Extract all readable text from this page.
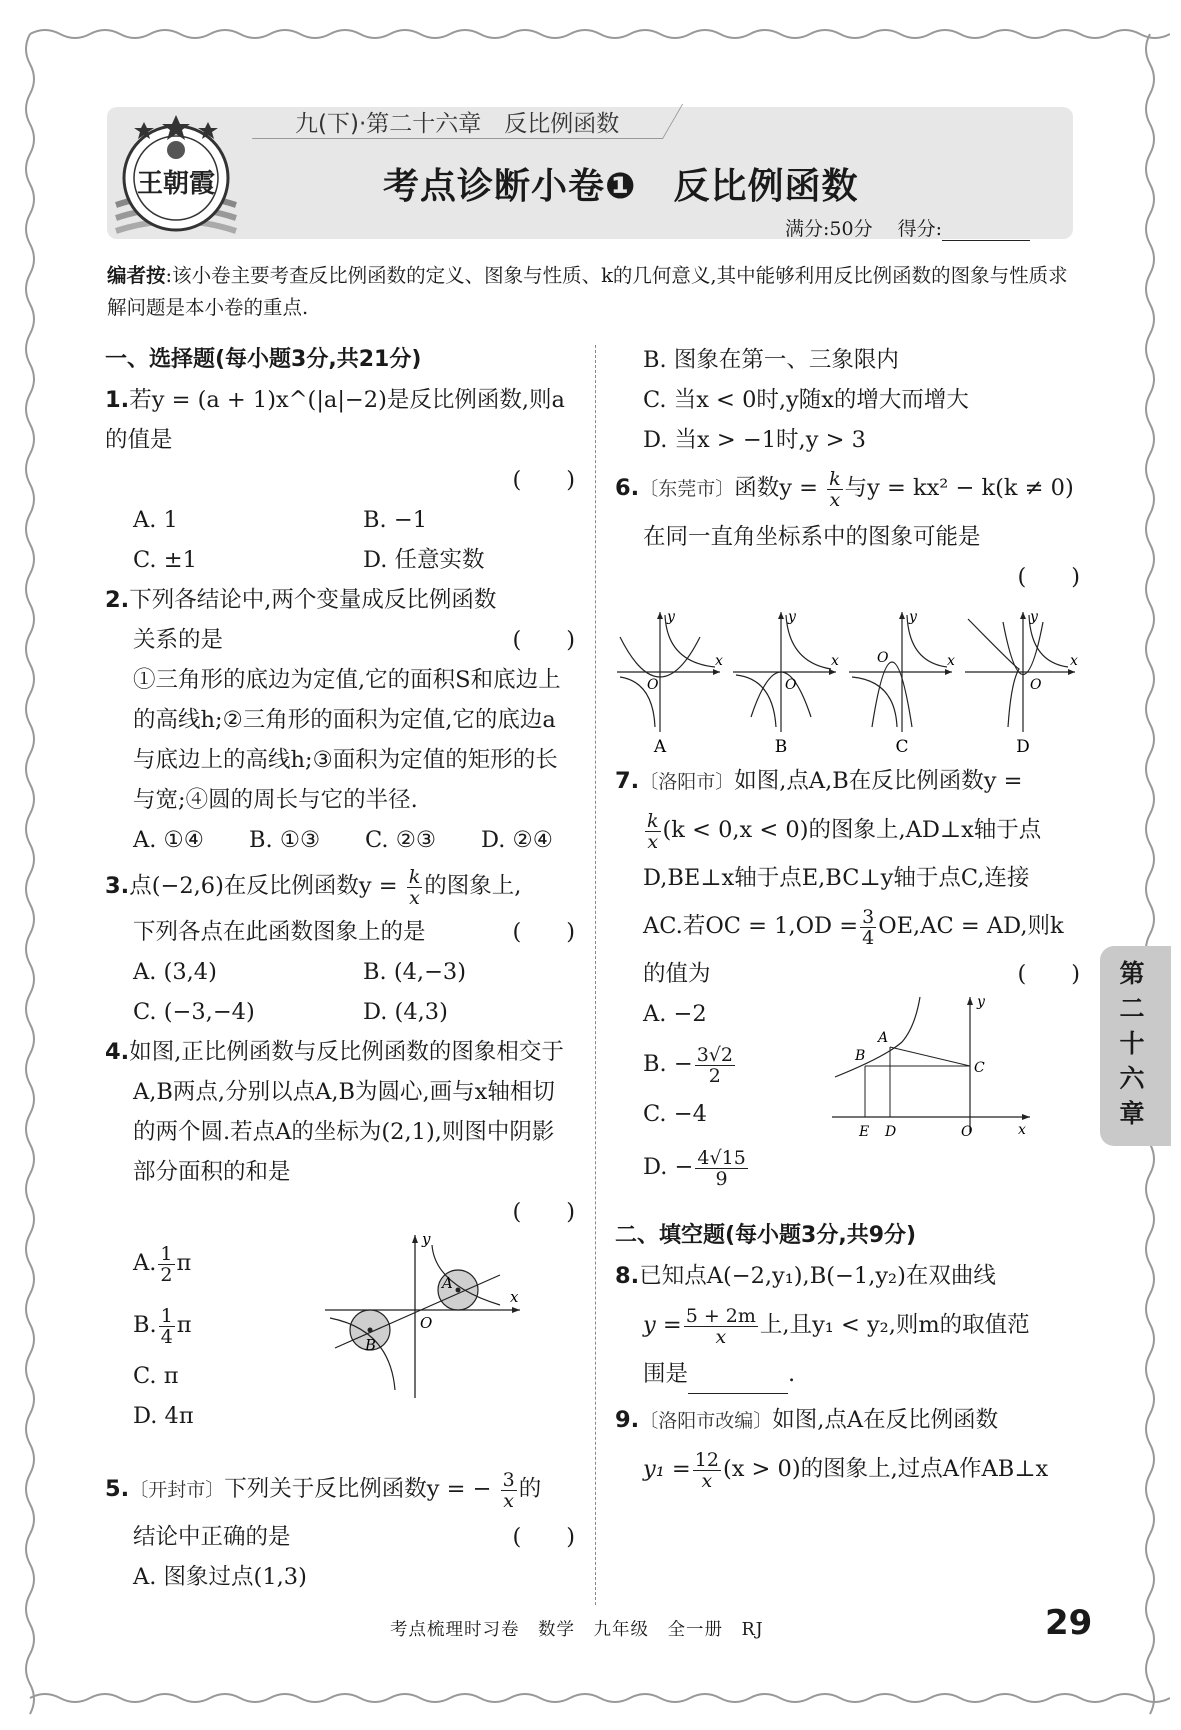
九(下)·第二十六章　反比例函数
王朝霞	考点诊断小卷❶　反比例函数
满分:50分　 得分:
编者按:该小卷主要考查反比例函数的定义、图象与性质、k的几何意义,其中能够利用反比例函数的图象与性质求解问题是本小卷的重点.
一、选择题(每小题3分,共21分)
1.若y = (a + 1)x^(|a|−2)是反比例函数,则a的值是
(　　)
A. 1	B. −1
C. ±1	D. 任意实数
2.下列各结论中,两个变量成反比例函数
关系的是	(　　)
①三角形的底边为定值,它的面积S和底边上的高线h;②三角形的面积为定值,它的底边a与底边上的高线h;③面积为定值的矩形的长与宽;④圆的周长与它的半径.
A. ①④ B. ①③ C. ②③ D. ②④
3.点(−2,6)在反比例函数$y = \frac{k}{x}$ 的图象上,
下列各点在此函数图象上的是	(　　)
A. (3,4)	B. (4,−3)
C. (−3,−4)	D. (4,3)
4.如图,正比例函数与反比例函数的图象相交于A,B两点,分别以点A,B为圆心,画与x轴相切的两个圆.若点A的坐标为(2,1),则图中阴影部分面积的和是
(　　)
A. $\frac{1}{2}$ π
B. $\frac{1}{4}$ π
C. π
D. 4π
y
x
O
A
B
5.〔开封市〕下列关于反比例函数y = − $\frac{3}{x}$ 的
结论中正确的是	(　　)
A. 图象过点(1,3)
B. 图象在第一、三象限内
C. 当x < 0时,y随x的增大而增大
D. 当x > −1时,y > 3
6.〔东莞市〕函数$y = \frac{k}{x}$ 与y = kx² − k(k ≠ 0)
在同一直角坐标系中的图象可能是
(　　)
y
x
O
A
y
x
O
B
y
x
O
C
y
x
O
D
7.〔洛阳市〕如图,点A,B在反比例函数y =
$\frac{k}{x} (k < 0,x < 0)$的图象上,AD⊥x轴于点
D,BE⊥x轴于点E,BC⊥y轴于点C,连接
AC.若OC = $1,OD = \frac{3}{4} OE,AC$ = AD,则k
的值为	(　　)
A. −2
B. − $\frac{3√2}{2}$
C. −4
D. − $\frac{4√15}{9}$
y
x
O
A
B
C
D
E
二、填空题(每小题3分,共9分)
8.已知点A(−2,y₁),B(−1,y₂)在双曲线
$y = \frac{5 + 2m}{x}$ 上,且y₁ < y₂,则m的取值范
围是	.
9.〔洛阳市改编〕如图,点A在反比例函数
$y_1 = \frac{12}{x} (x > 0)$的图象上,过点A作AB⊥x
第二十六章
考点梳理时习卷　数学　九年级　全一册　RJ	29
